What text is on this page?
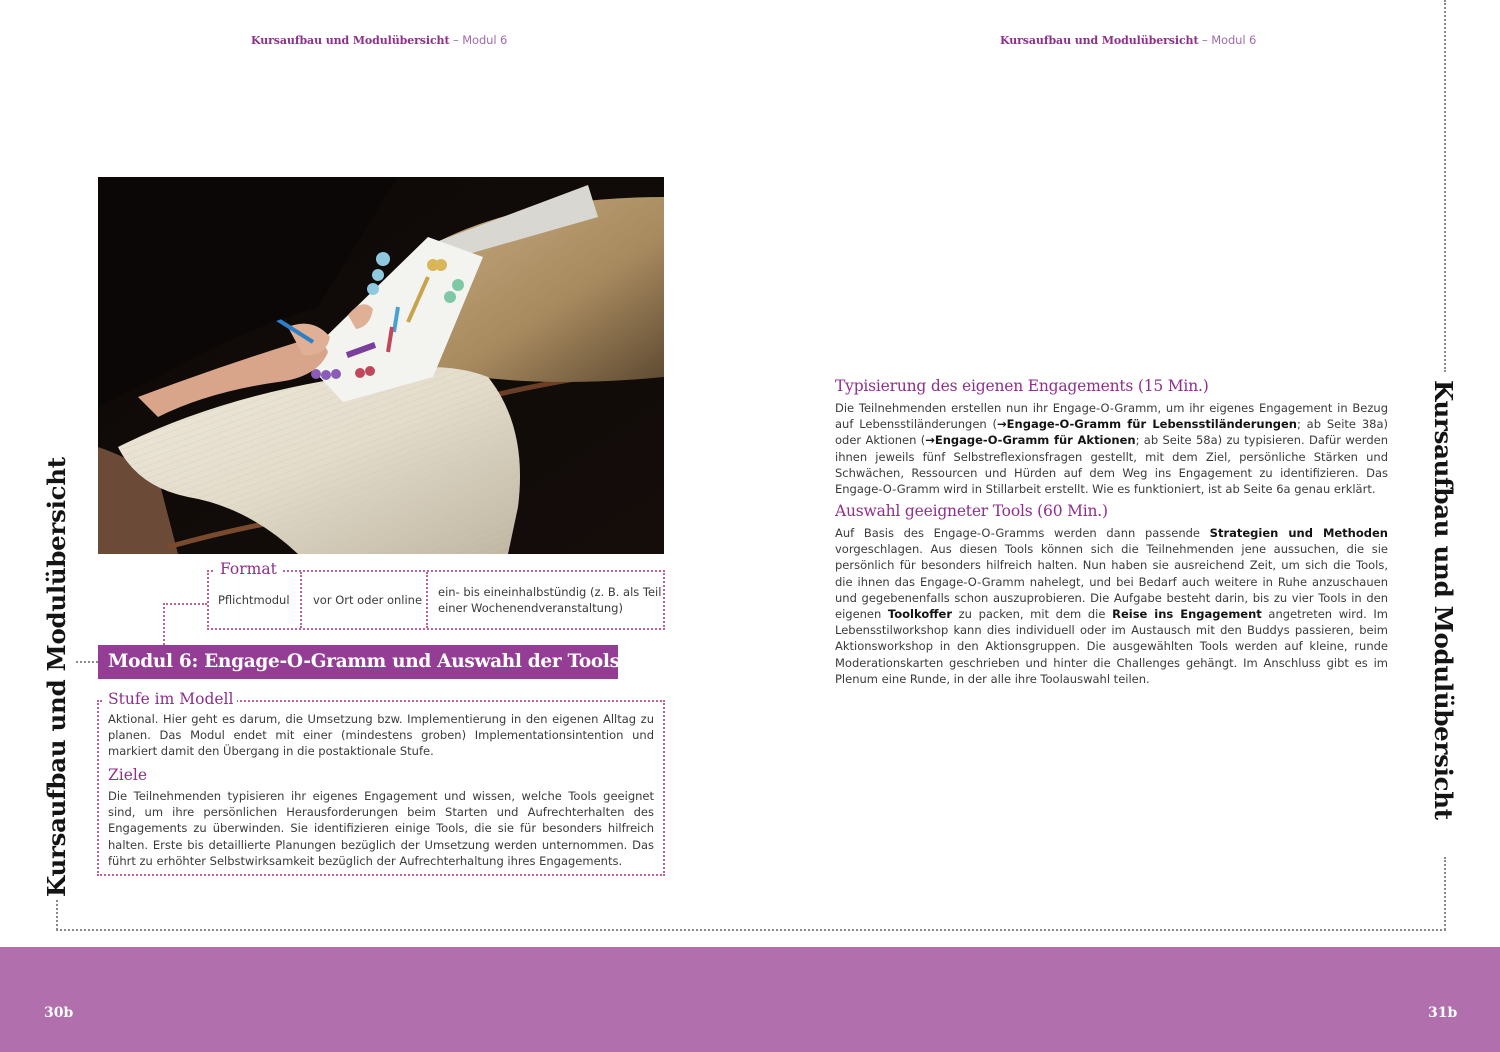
Kursaufbau und Modulübersicht – Modul 6	Kursaufbau und Modulübersicht – Modul 6
Kursaufbau und Modulübersicht	Kursaufbau und Modulübersicht
Format
Pflichtmodul vor Ort oder online
ein- bis eineinhalbstündig (z. B. als Teil einer Wochenendveranstaltung)
Modul 6: Engage-O-Gramm und Auswahl der Tools
Stufe im Modell
Aktional. Hier geht es darum, die Umsetzung bzw. Implementierung in den eigenen Alltag zu planen. Das Modul endet mit einer (mindestens groben) Implementationsintention und markiert damit den Übergang in die postaktionale Stufe.
Ziele
Die Teilnehmenden typisieren ihr eigenes Engagement und wissen, welche Tools geeignet sind, um ihre persönlichen Herausforderungen beim Starten und Aufrechterhalten des Engagements zu überwinden. Sie identifizieren einige Tools, die sie für besonders hilfreich halten. Erste bis detaillierte Planungen bezüglich der Umsetzung werden unternommen. Das führt zu erhöhter Selbstwirksamkeit bezüglich der Aufrechterhaltung ihres Engagements.
Typisierung des eigenen Engagements (15 Min.)
Die Teilnehmenden erstellen nun ihr Engage-O-Gramm, um ihr eigenes Engagement in Bezug auf Lebensstiländerungen (→Engage-O-Gramm für Lebensstiländerungen; ab Seite 38a) oder Aktionen (→Engage-O-Gramm für Aktionen; ab Seite 58a) zu typisieren. Dafür werden ihnen jeweils fünf Selbstreflexionsfragen gestellt, mit dem Ziel, persönliche Stärken und Schwächen, Ressourcen und Hürden auf dem Weg ins Engagement zu identifizieren. Das Engage-O-Gramm wird in Stillarbeit erstellt. Wie es funktioniert, ist ab Seite 6a genau erklärt.
Auswahl geeigneter Tools (60 Min.)
Auf Basis des Engage-O-Gramms werden dann passende Strategien und Methoden vorgeschlagen. Aus diesen Tools können sich die Teilnehmenden jene aussuchen, die sie persönlich für besonders hilfreich halten. Nun haben sie ausreichend Zeit, um sich die Tools, die ihnen das Engage-O-Gramm nahelegt, und bei Bedarf auch weitere in Ruhe anzuschauen und gegebenenfalls schon auszuprobieren. Die Aufgabe besteht darin, bis zu vier Tools in den eigenen Toolkoffer zu packen, mit dem die Reise ins Engagement angetreten wird. Im Lebensstilworkshop kann dies individuell oder im Austausch mit den Buddys passieren, beim Aktionsworkshop in den Aktionsgruppen. Die ausgewählten Tools werden auf kleine, runde Moderationskarten geschrieben und hinter die Challenges gehängt. Im Anschluss gibt es im Plenum eine Runde, in der alle ihre Toolauswahl teilen.
30b	31b
